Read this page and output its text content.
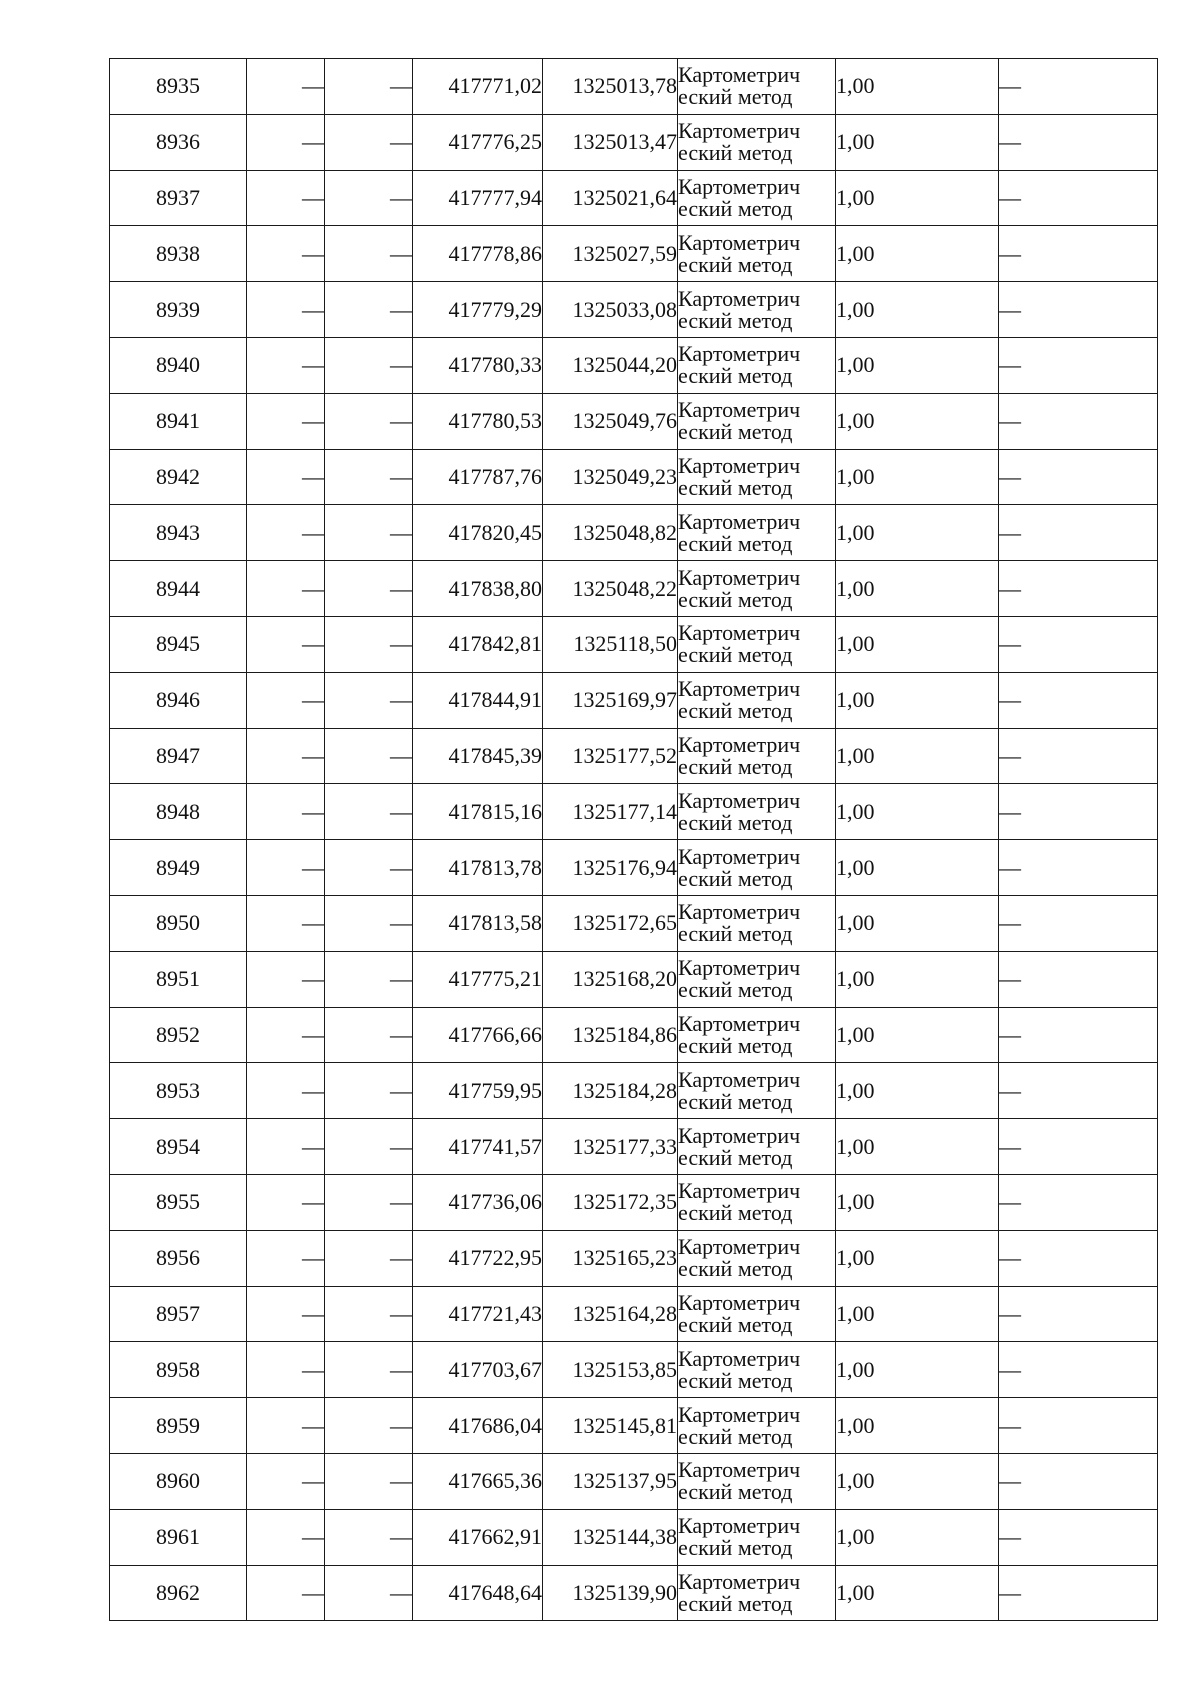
8935	—	—	417771,02	1325013,78	Картометрич
еский метод	1,00	—
8936	—	—	417776,25	1325013,47	Картометрич
еский метод	1,00	—
8937	—	—	417777,94	1325021,64	Картометрич
еский метод	1,00	—
8938	—	—	417778,86	1325027,59	Картометрич
еский метод	1,00	—
8939	—	—	417779,29	1325033,08	Картометрич
еский метод	1,00	—
8940	—	—	417780,33	1325044,20	Картометрич
еский метод	1,00	—
8941	—	—	417780,53	1325049,76	Картометрич
еский метод	1,00	—
8942	—	—	417787,76	1325049,23	Картометрич
еский метод	1,00	—
8943	—	—	417820,45	1325048,82	Картометрич
еский метод	1,00	—
8944	—	—	417838,80	1325048,22	Картометрич
еский метод	1,00	—
8945	—	—	417842,81	1325118,50	Картометрич
еский метод	1,00	—
8946	—	—	417844,91	1325169,97	Картометрич
еский метод	1,00	—
8947	—	—	417845,39	1325177,52	Картометрич
еский метод	1,00	—
8948	—	—	417815,16	1325177,14	Картометрич
еский метод	1,00	—
8949	—	—	417813,78	1325176,94	Картометрич
еский метод	1,00	—
8950	—	—	417813,58	1325172,65	Картометрич
еский метод	1,00	—
8951	—	—	417775,21	1325168,20	Картометрич
еский метод	1,00	—
8952	—	—	417766,66	1325184,86	Картометрич
еский метод	1,00	—
8953	—	—	417759,95	1325184,28	Картометрич
еский метод	1,00	—
8954	—	—	417741,57	1325177,33	Картометрич
еский метод	1,00	—
8955	—	—	417736,06	1325172,35	Картометрич
еский метод	1,00	—
8956	—	—	417722,95	1325165,23	Картометрич
еский метод	1,00	—
8957	—	—	417721,43	1325164,28	Картометрич
еский метод	1,00	—
8958	—	—	417703,67	1325153,85	Картометрич
еский метод	1,00	—
8959	—	—	417686,04	1325145,81	Картометрич
еский метод	1,00	—
8960	—	—	417665,36	1325137,95	Картометрич
еский метод	1,00	—
8961	—	—	417662,91	1325144,38	Картометрич
еский метод	1,00	—
8962	—	—	417648,64	1325139,90	Картометрич
еский метод	1,00	—
